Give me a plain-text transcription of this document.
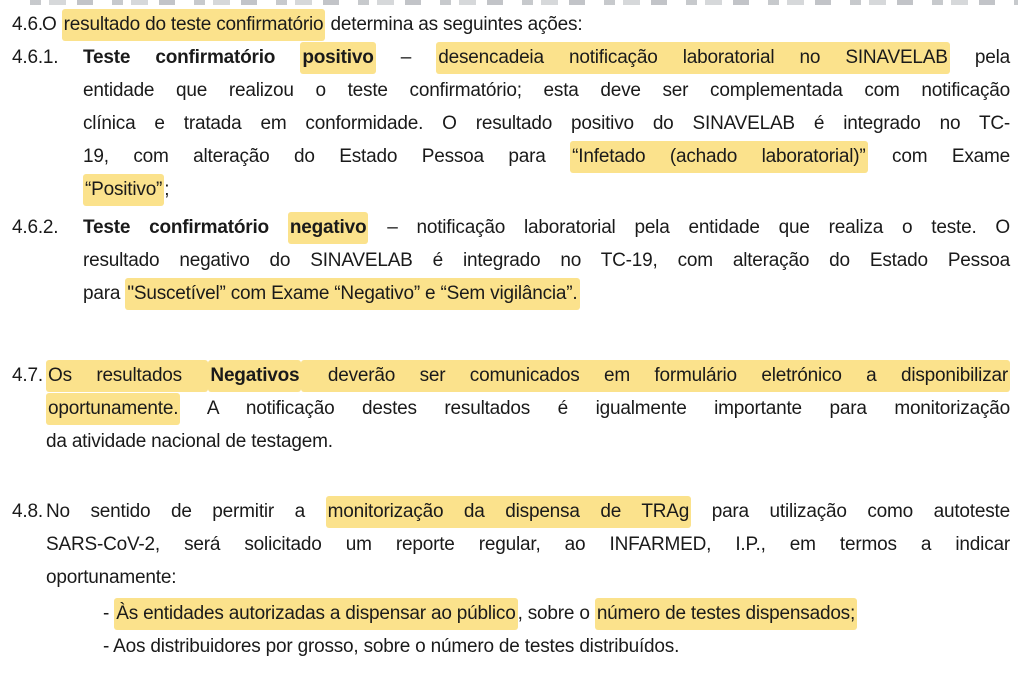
4.6. O resultado do teste confirmatório determina as seguintes ações:
4.6.1. Teste confirmatório positivo – desencadeia notificação laboratorial no SINAVELAB pela
entidade que realizou o teste confirmatório; esta deve ser complementada com notificação
clínica e tratada em conformidade. O resultado positivo do SINAVELAB é integrado no TC-
19, com alteração do Estado Pessoa para “Infetado (achado laboratorial)” com Exame
“Positivo” ;
4.6.2. Teste confirmatório negativo – notificação laboratorial pela entidade que realiza o teste. O
resultado negativo do SINAVELAB é integrado no TC-19, com alteração do Estado Pessoa
para "Suscetível” com Exame “Negativo” e “Sem vigilância”.
4.7. Os resultados Negativos deverão ser comunicados em formulário eletrónico a disponibilizar
oportunamente. A notificação destes resultados é igualmente importante para monitorização
da atividade nacional de testagem.
4.8. No sentido de permitir a monitorização da dispensa de TRAg para utilização como autoteste
SARS-CoV-2, será solicitado um reporte regular, ao INFARMED, I.P., em termos a indicar
oportunamente:
- Às entidades autorizadas a dispensar ao público , sobre o número de testes dispensados;
- Aos distribuidores por grosso, sobre o número de testes distribuídos.
